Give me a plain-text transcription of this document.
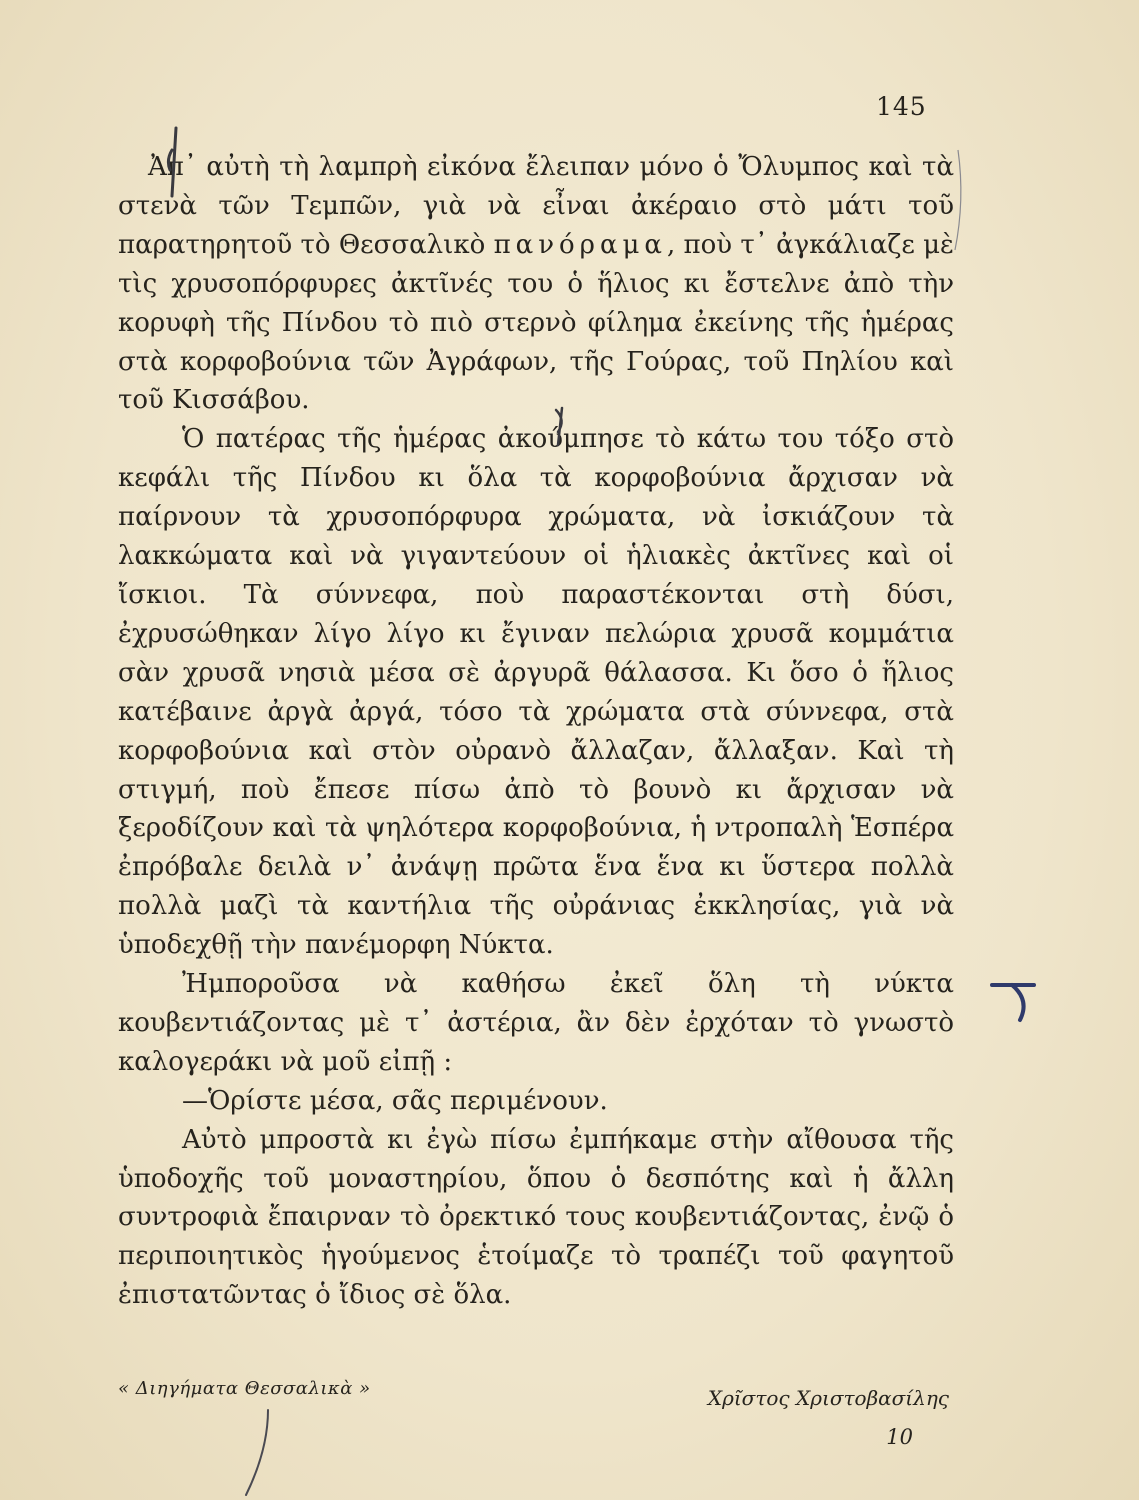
145

Ἀπ᾽ αὐτὴ τὴ λαμπρὴ εἰκόνα ἔλειπαν μόνο ὁ Ὄλυμπος καὶ τὰ στενὰ τῶν Τεμπῶν, γιὰ νὰ εἶναι ἀκέραιο στὸ μάτι τοῦ παρατηρητοῦ τὸ Θεσσαλικὸ πανόραμα, ποὺ τ᾽ ἀγκάλιαζε μὲ τὶς χρυσοπόρφυρες ἀκτῖνές του ὁ ἥλιος κι ἔστελνε ἀπὸ τὴν κορυφὴ τῆς Πίνδου τὸ πιὸ στερνὸ φίλημα ἐκείνης τῆς ἡμέρας στὰ κορφοβούνια τῶν Ἀγράφων, τῆς Γούρας, τοῦ Πηλίου καὶ τοῦ Κισσάβου.

Ὁ πατέρας τῆς ἡμέρας ἀκούμπησε τὸ κάτω του τόξο στὸ κεφάλι τῆς Πίνδου κι ὅλα τὰ κορφοβούνια ἄρχισαν νὰ παίρνουν τὰ χρυσοπόρφυρα χρώματα, νὰ ἰσκιάζουν τὰ λακκώματα καὶ νὰ γιγαντεύουν οἱ ἡλιακὲς ἀκτῖνες καὶ οἱ ἴσκιοι. Τὰ σύννεφα, ποὺ παραστέκονται στὴ δύσι, ἐχρυσώθηκαν λίγο λίγο κι ἔγιναν πελώρια χρυσᾶ κομμάτια σὰν χρυσᾶ νησιὰ μέσα σὲ ἀργυρᾶ θάλασσα. Κι ὅσο ὁ ἥλιος κατέβαινε ἀργὰ ἀργά, τόσο τὰ χρώματα στὰ σύννεφα, στὰ κορφοβούνια καὶ στὸν οὐρανὸ ἄλλαζαν, ἄλλαξαν. Καὶ τὴ στιγμή, ποὺ ἔπεσε πίσω ἀπὸ τὸ βουνὸ κι ἄρχισαν νὰ ξεροδίζουν καὶ τὰ ψηλότερα κορφοβούνια, ἡ ντροπαλὴ Ἑσπέρα ἐπρόβαλε δειλὰ ν᾽ ἀνάψῃ πρῶτα ἕνα ἕνα κι ὕστερα πολλὰ πολλὰ μαζὶ τὰ καντήλια τῆς οὐράνιας ἐκκλησίας, γιὰ νὰ ὑποδεχθῇ τὴν πανέμορφη Νύκτα.

Ἠμποροῦσα νὰ καθήσω ἐκεῖ ὅλη τὴ νύκτα κουβεντιάζοντας μὲ τ᾽ ἀστέρια, ἂν δὲν ἐρχόταν τὸ γνωστὸ καλογεράκι νὰ μοῦ εἰπῇ :

—Ὁρίστε μέσα, σᾶς περιμένουν.

Αὐτὸ μπροστὰ κι ἐγὼ πίσω ἐμπήκαμε στὴν αἴθουσα τῆς ὑποδοχῆς τοῦ μοναστηρίου, ὅπου ὁ δεσπότης καὶ ἡ ἄλλη συντροφιὰ ἔπαιρναν τὸ ὀρεκτικό τους κουβεντιάζοντας, ἐνῷ ὁ περιποιητικὸς ἡγούμενος ἑτοίμαζε τὸ τραπέζι τοῦ φαγητοῦ ἐπιστατῶντας ὁ ἴδιος σὲ ὅλα.

« Διηγήματα Θεσσαλικὰ »	Χρῖστος Χριστοβασίλης
10
